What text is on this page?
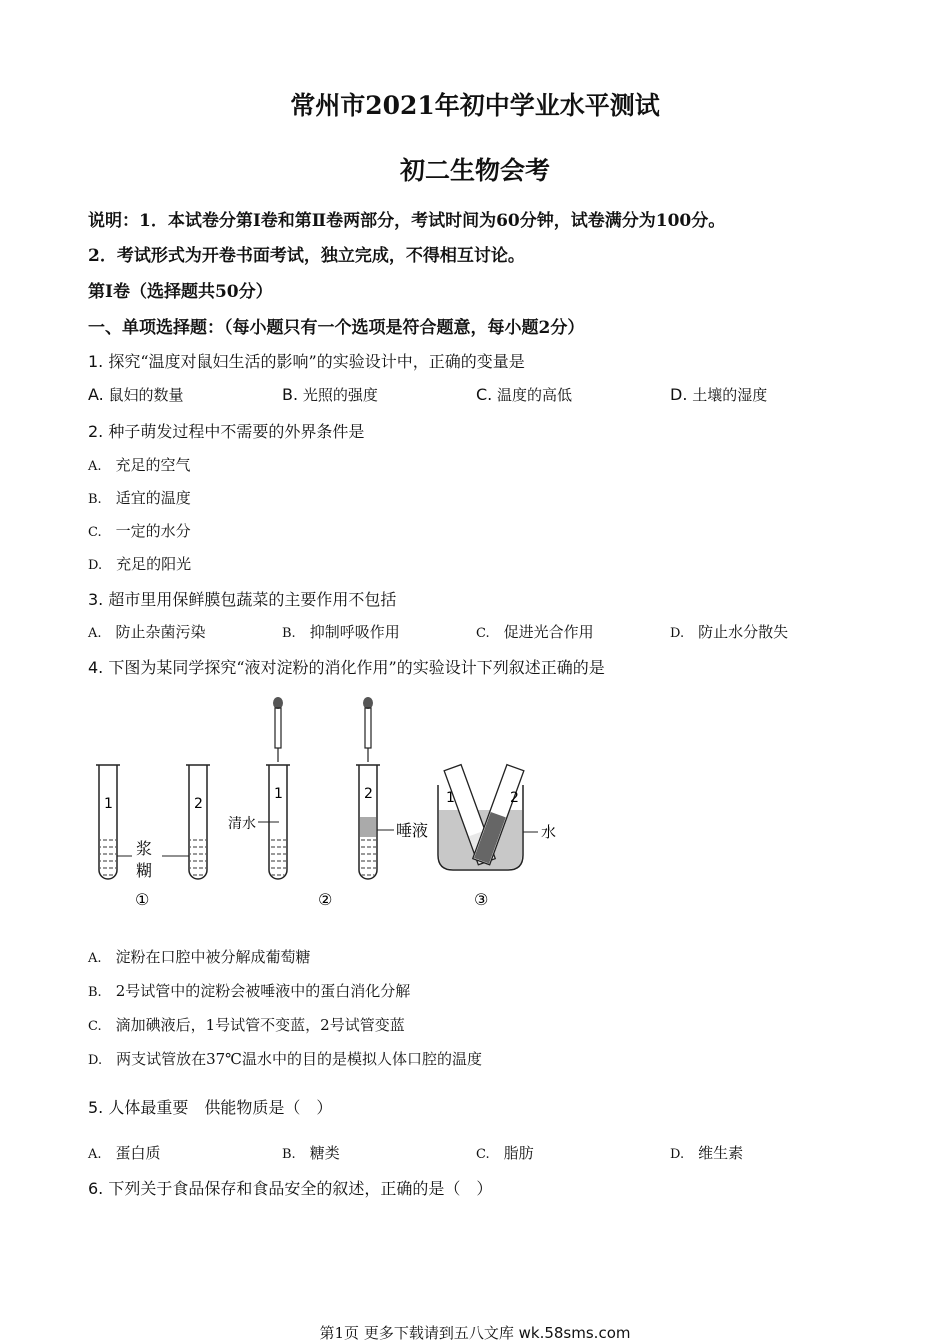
常州市2021年初中学业水平测试
初二生物会考
说明：1．本试卷分第Ⅰ卷和第Ⅱ卷两部分，考试时间为60分钟，试卷满分为100分。
2．考试形式为开卷书面考试，独立完成，不得相互讨论。
第Ⅰ卷（选择题共50分）
一、单项选择题：（每小题只有一个选项是符合题意，每小题2分）
1. 探究“温度对鼠妇生活的影响”的实验设计中，正确的变量是
A. 鼠妇的数量	B. 光照的强度	C. 温度的高低	D. 土壤的湿度
2. 种子萌发过程中不需要的外界条件是
A. 充足的空气
B. 适宜的温度
C. 一定的水分
D. 充足的阳光
3. 超市里用保鲜膜包蔬菜的主要作用不包括
A. 防止杂菌污染	B. 抑制呼吸作用	C. 促进光合作用	D. 防止水分散失
4. 下图为某同学探究“液对淀粉的消化作用”的实验设计下列叙述正确的是
1	2
浆
糊
①
1
清水
2
唾液
②
1	2
水
③
A. 淀粉在口腔中被分解成葡萄糖
B. 2号试管中的淀粉会被唾液中的蛋白消化分解
C. 滴加碘液后，1号试管不变蓝，2号试管变蓝
D. 两支试管放在37℃温水中的目的是模拟人体口腔的温度
5. 人体最重要　供能物质是（　）
A. 蛋白质	B. 糖类	C. 脂肪	D. 维生素
6. 下列关于食品保存和食品安全的叙述，正确的是（　）
第1页 更多下载请到五八文库 wk.58sms.com
